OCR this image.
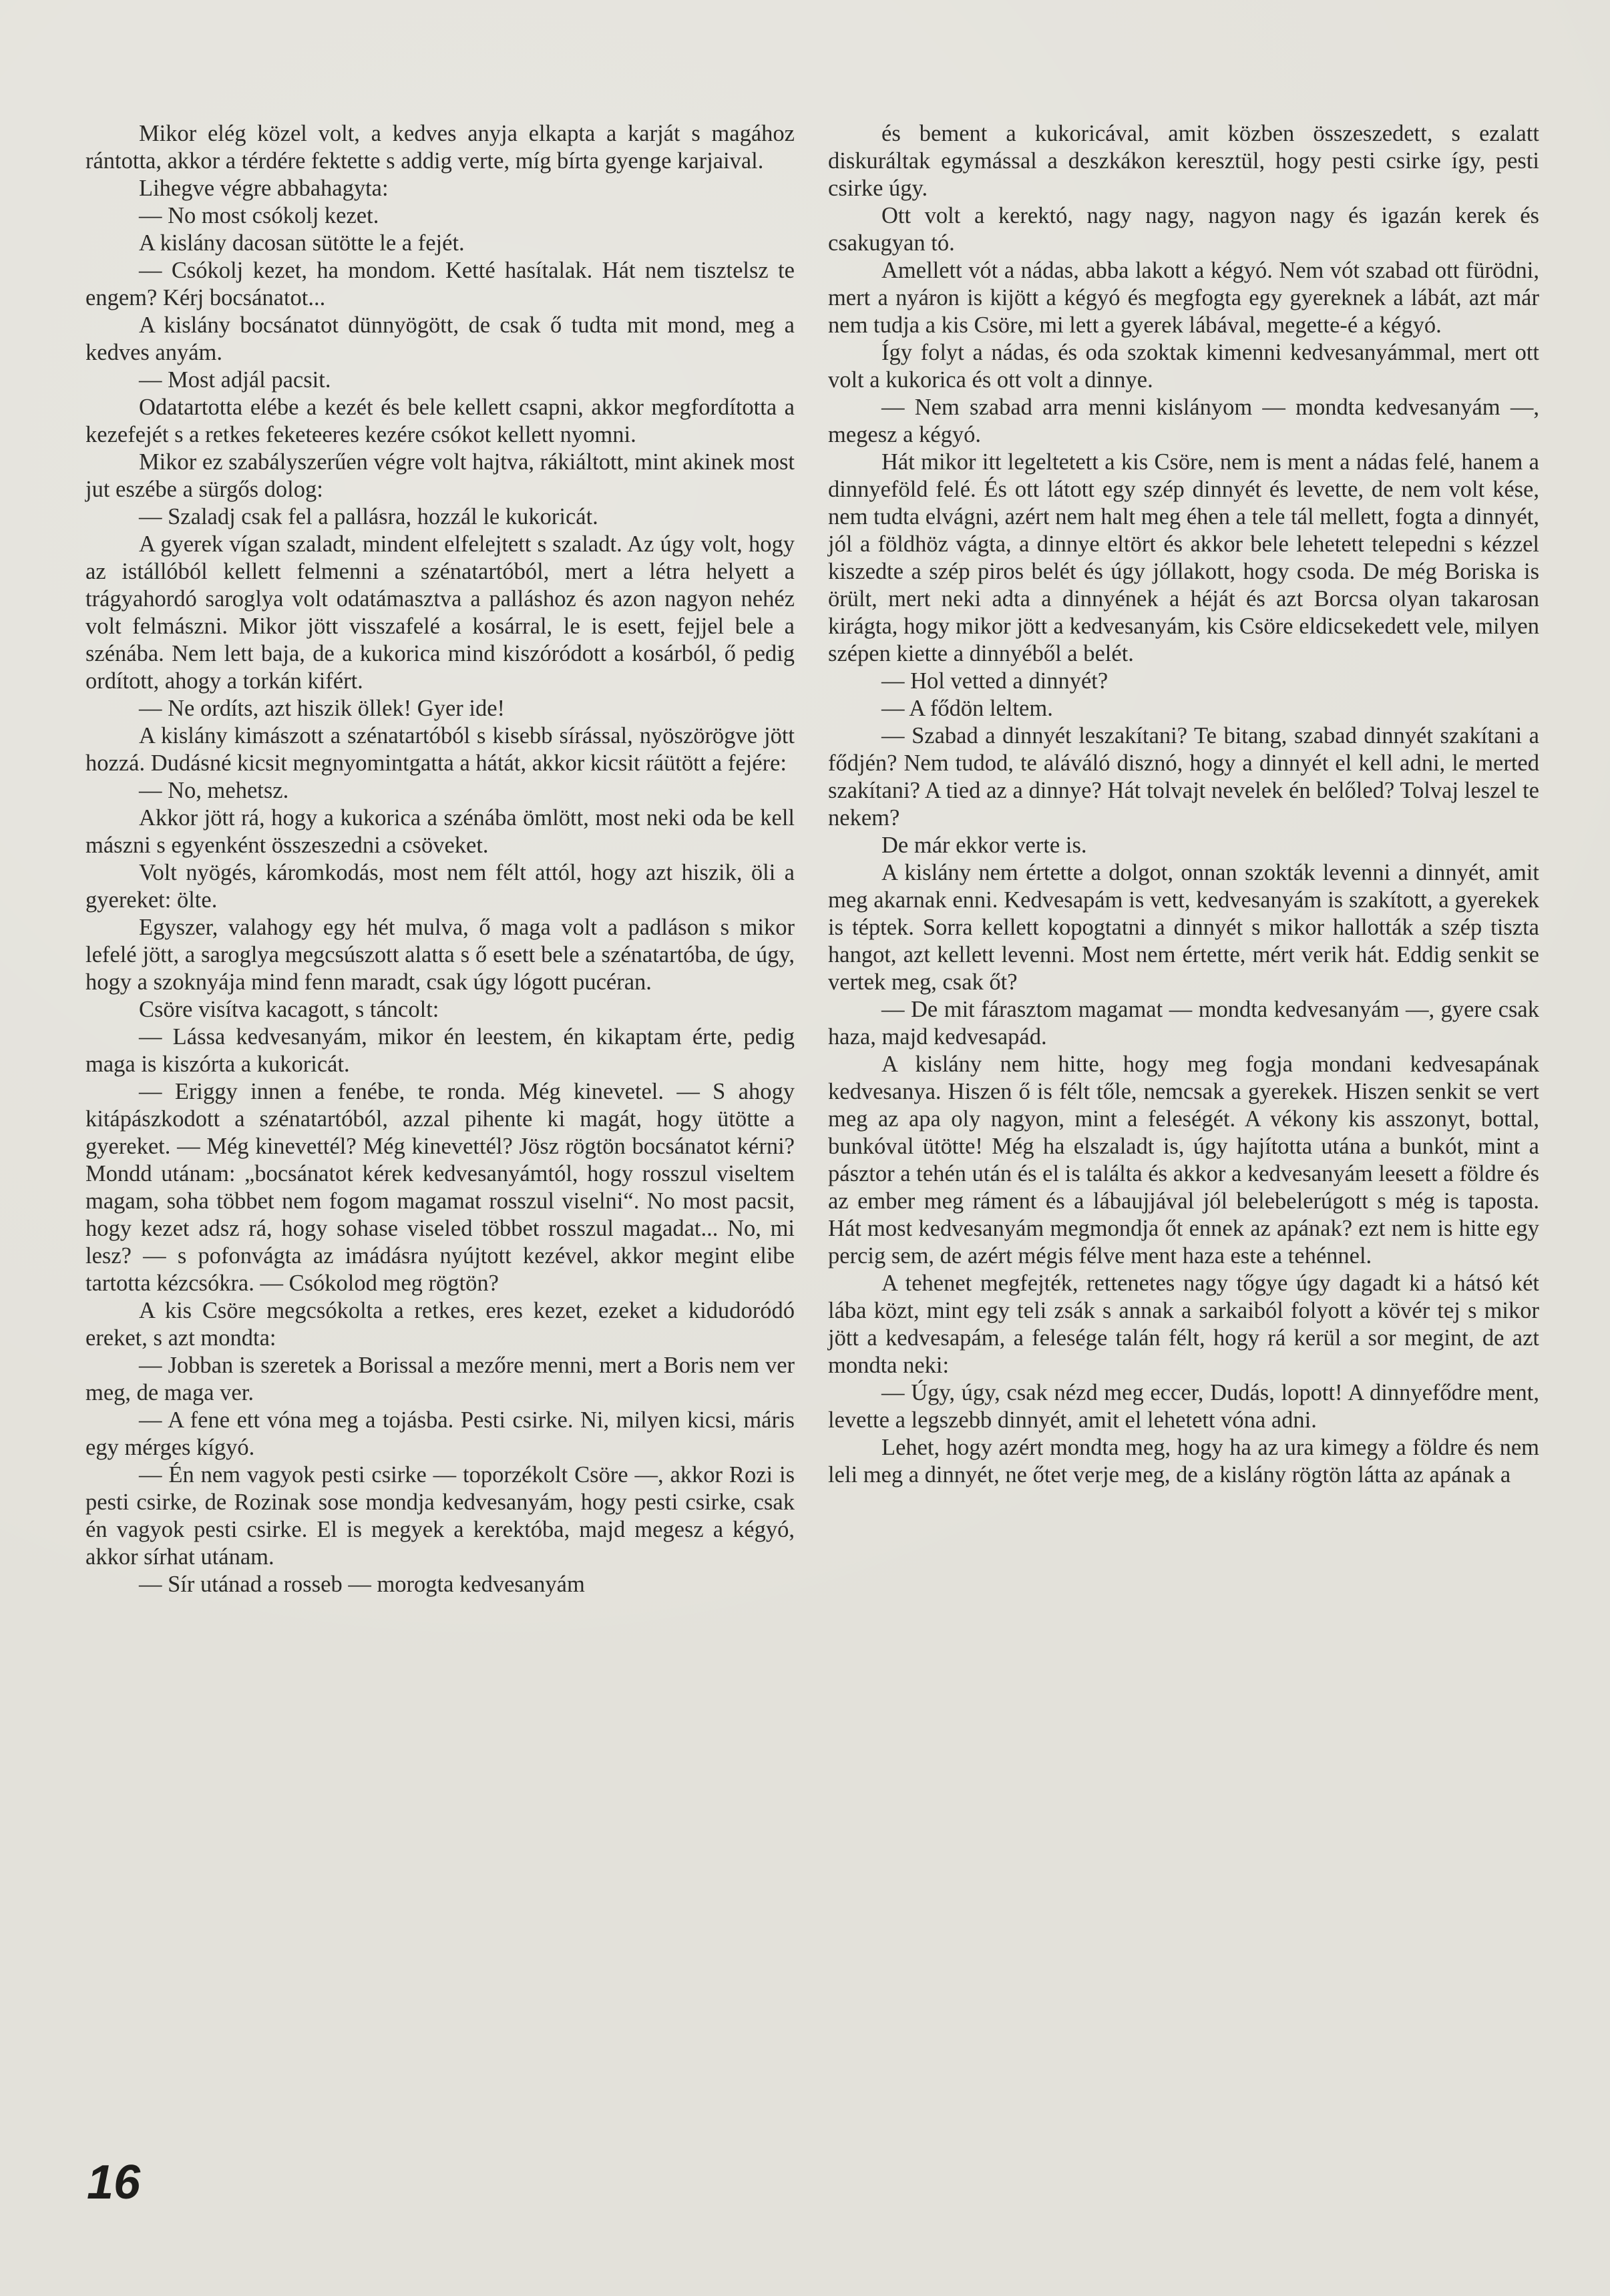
Mikor elég közel volt, a kedves anyja elkapta a karját s magához rántotta, akkor a térdére fektette s addig verte, míg bírta gyenge karjaival.

Lihegve végre abbahagyta:

— No most csókolj kezet.

A kislány dacosan sütötte le a fejét.

— Csókolj kezet, ha mondom. Ketté hasítalak. Hát nem tisztelsz te engem? Kérj bocsánatot...

A kislány bocsánatot dünnyögött, de csak ő tudta mit mond, meg a kedves anyám.

— Most adjál pacsit.

Odatartotta elébe a kezét és bele kellett csapni, akkor megfordította a kezefejét s a retkes feketeeres kezére csókot kellett nyomni.

Mikor ez szabályszerűen végre volt hajtva, rákiáltott, mint akinek most jut eszébe a sürgős dolog:

— Szaladj csak fel a pallásra, hozzál le kukoricát.

A gyerek vígan szaladt, mindent elfelejtett s szaladt. Az úgy volt, hogy az istállóból kellett felmenni a szénatartóból, mert a létra helyett a trágyahordó saroglya volt odatámasztva a palláshoz és azon nagyon nehéz volt felmászni. Mikor jött visszafelé a kosárral, le is esett, fejjel bele a szénába. Nem lett baja, de a kukorica mind kiszóródott a kosárból, ő pedig ordított, ahogy a torkán kifért.

— Ne ordíts, azt hiszik öllek! Gyer ide!

A kislány kimászott a szénatartóból s kisebb sírással, nyöszörögve jött hozzá. Dudásné kicsit megnyomintgatta a hátát, akkor kicsit ráütött a fejére:

— No, mehetsz.

Akkor jött rá, hogy a kukorica a szénába ömlött, most neki oda be kell mászni s egyenként összeszedni a csöveket.

Volt nyögés, káromkodás, most nem félt attól, hogy azt hiszik, öli a gyereket: ölte.

Egyszer, valahogy egy hét mulva, ő maga volt a padláson s mikor lefelé jött, a saroglya megcsúszott alatta s ő esett bele a szénatartóba, de úgy, hogy a szoknyája mind fenn maradt, csak úgy lógott pucéran.

Csöre visítva kacagott, s táncolt:

— Lássa kedvesanyám, mikor én leestem, én kikaptam érte, pedig maga is kiszórta a kukoricát.

— Eriggy innen a fenébe, te ronda. Még kinevetel. — S ahogy kitápászkodott a szénatartóból, azzal pihente ki magát, hogy ütötte a gyereket. — Még kinevettél? Még kinevettél? Jösz rögtön bocsánatot kérni? Mondd utánam: „bocsánatot kérek kedvesanyámtól, hogy rosszul viseltem magam, soha többet nem fogom magamat rosszul viselni“. No most pacsit, hogy kezet adsz rá, hogy sohase viseled többet rosszul magadat... No, mi lesz? — s pofonvágta az imádásra nyújtott kezével, akkor megint elibe tartotta kézcsókra. — Csókolod meg rögtön?

A kis Csöre megcsókolta a retkes, eres kezet, ezeket a kidudoródó ereket, s azt mondta:

— Jobban is szeretek a Borissal a mezőre menni, mert a Boris nem ver meg, de maga ver.

— A fene ett vóna meg a tojásba. Pesti csirke. Ni, milyen kicsi, máris egy mérges kígyó.

— Én nem vagyok pesti csirke — toporzékolt Csöre —, akkor Rozi is pesti csirke, de Rozinak sose mondja kedvesanyám, hogy pesti csirke, csak én vagyok pesti csirke. El is megyek a kerektóba, majd megesz a kégyó, akkor sírhat utánam.

— Sír utánad a rosseb — morogta kedvesanyám

és bement a kukoricával, amit közben összeszedett, s ezalatt diskuráltak egymással a deszkákon keresztül, hogy pesti csirke így, pesti csirke úgy.

Ott volt a kerektó, nagy nagy, nagyon nagy és igazán kerek és csakugyan tó.

Amellett vót a nádas, abba lakott a kégyó. Nem vót szabad ott fürödni, mert a nyáron is kijött a kégyó és megfogta egy gyereknek a lábát, azt már nem tudja a kis Csöre, mi lett a gyerek lábával, megette-é a kégyó.

Így folyt a nádas, és oda szoktak kimenni kedvesanyámmal, mert ott volt a kukorica és ott volt a dinnye.

— Nem szabad arra menni kislányom — mondta kedvesanyám —, megesz a kégyó.

Hát mikor itt legeltetett a kis Csöre, nem is ment a nádas felé, hanem a dinnyeföld felé. És ott látott egy szép dinnyét és levette, de nem volt kése, nem tudta elvágni, azért nem halt meg éhen a tele tál mellett, fogta a dinnyét, jól a földhöz vágta, a dinnye eltört és akkor bele lehetett telepedni s kézzel kiszedte a szép piros belét és úgy jóllakott, hogy csoda. De még Boriska is örült, mert neki adta a dinnyének a héját és azt Borcsa olyan takarosan kirágta, hogy mikor jött a kedvesanyám, kis Csöre eldicsekedett vele, milyen szépen kiette a dinnyéből a belét.

— Hol vetted a dinnyét?

— A fődön leltem.

— Szabad a dinnyét leszakítani? Te bitang, szabad dinnyét szakítani a fődjén? Nem tudod, te aláváló disznó, hogy a dinnyét el kell adni, le merted szakítani? A tied az a dinnye? Hát tolvajt nevelek én belőled? Tolvaj leszel te nekem?

De már ekkor verte is.

A kislány nem értette a dolgot, onnan szokták levenni a dinnyét, amit meg akarnak enni. Kedvesapám is vett, kedvesanyám is szakított, a gyerekek is téptek. Sorra kellett kopogtatni a dinnyét s mikor hallották a szép tiszta hangot, azt kellett levenni. Most nem értette, mért verik hát. Eddig senkit se vertek meg, csak őt?

— De mit fárasztom magamat — mondta kedvesanyám —, gyere csak haza, majd kedvesapád.

A kislány nem hitte, hogy meg fogja mondani kedvesapának kedvesanya. Hiszen ő is félt tőle, nemcsak a gyerekek. Hiszen senkit se vert meg az apa oly nagyon, mint a feleségét. A vékony kis asszonyt, bottal, bunkóval ütötte! Még ha elszaladt is, úgy hajította utána a bunkót, mint a pásztor a tehén után és el is találta és akkor a kedvesanyám leesett a földre és az ember meg ráment és a lábaujjával jól belebelerúgott s még is taposta. Hát most kedvesanyám megmondja őt ennek az apának? ezt nem is hitte egy percig sem, de azért mégis félve ment haza este a tehénnel.

A tehenet megfejték, rettenetes nagy tőgye úgy dagadt ki a hátsó két lába közt, mint egy teli zsák s annak a sarkaiból folyott a kövér tej s mikor jött a kedvesapám, a felesége talán félt, hogy rá kerül a sor megint, de azt mondta neki:

— Úgy, úgy, csak nézd meg eccer, Dudás, lopott! A dinnyefődre ment, levette a legszebb dinnyét, amit el lehetett vóna adni.

Lehet, hogy azért mondta meg, hogy ha az ura kimegy a földre és nem leli meg a dinnyét, ne őtet verje meg, de a kislány rögtön látta az apának a

16
